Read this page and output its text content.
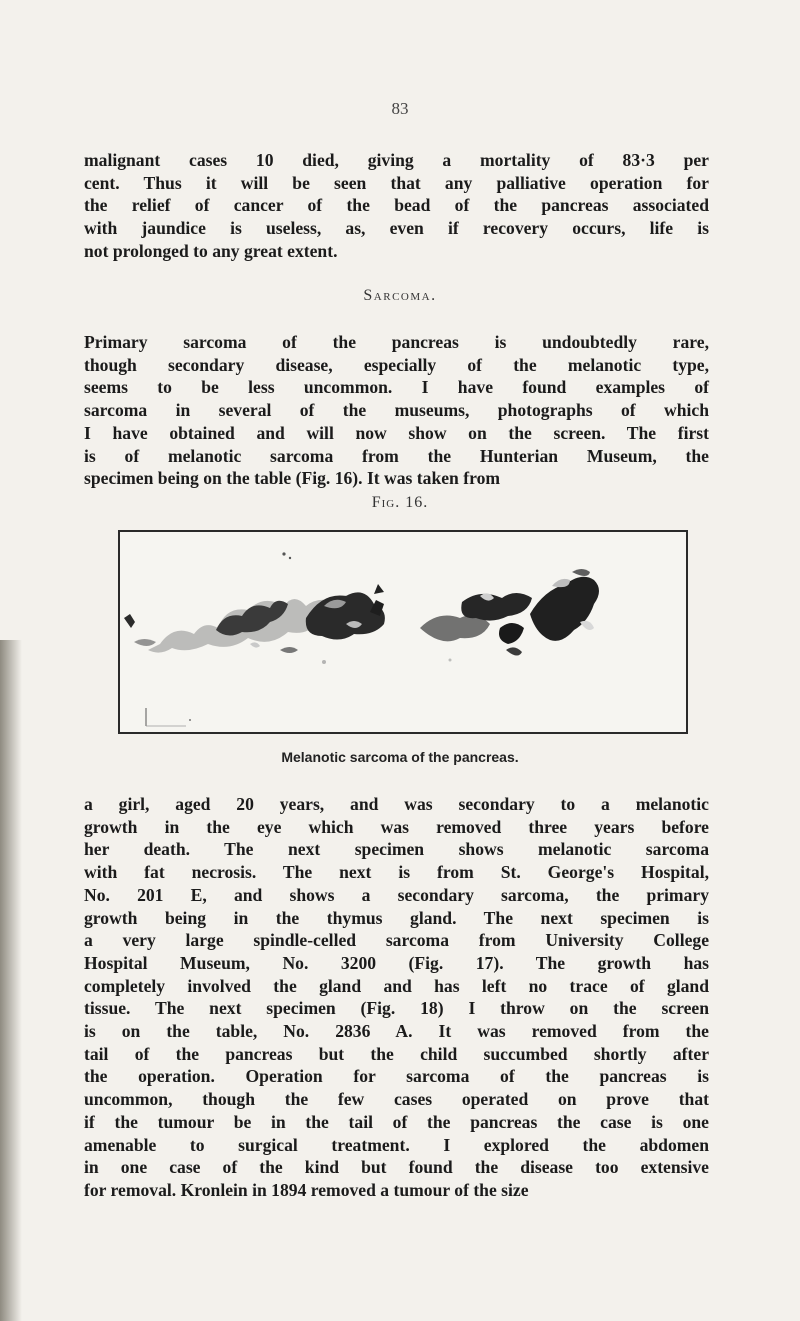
83

malignant cases 10 died, giving a mortality of 83·3 per
cent. Thus it will be seen that any palliative operation for
the relief of cancer of the bead of the pancreas associated
with jaundice is useless, as, even if recovery occurs, life is
not prolonged to any great extent.

Sarcoma.

Primary sarcoma of the pancreas is undoubtedly rare,
though secondary disease, especially of the melanotic type,
seems to be less uncommon. I have found examples of
sarcoma in several of the museums, photographs of which
I have obtained and will now show on the screen. The first
is of melanotic sarcoma from the Hunterian Museum, the
specimen being on the table (Fig. 16). It was taken from

Fig. 16.
Melanotic sarcoma of the pancreas.

a girl, aged 20 years, and was secondary to a melanotic
growth in the eye which was removed three years before
her death. The next specimen shows melanotic sarcoma
with fat necrosis. The next is from St. George's Hospital,
No. 201 E, and shows a secondary sarcoma, the primary
growth being in the thymus gland. The next specimen is
a very large spindle-celled sarcoma from University College
Hospital Museum, No. 3200 (Fig. 17). The growth has
completely involved the gland and has left no trace of gland
tissue. The next specimen (Fig. 18) I throw on the screen
is on the table, No. 2836 A. It was removed from the
tail of the pancreas but the child succumbed shortly after
the operation. Operation for sarcoma of the pancreas is
uncommon, though the few cases operated on prove that
if the tumour be in the tail of the pancreas the case is one
amenable to surgical treatment. I explored the abdomen
in one case of the kind but found the disease too extensive
for removal. Kronlein in 1894 removed a tumour of the size
